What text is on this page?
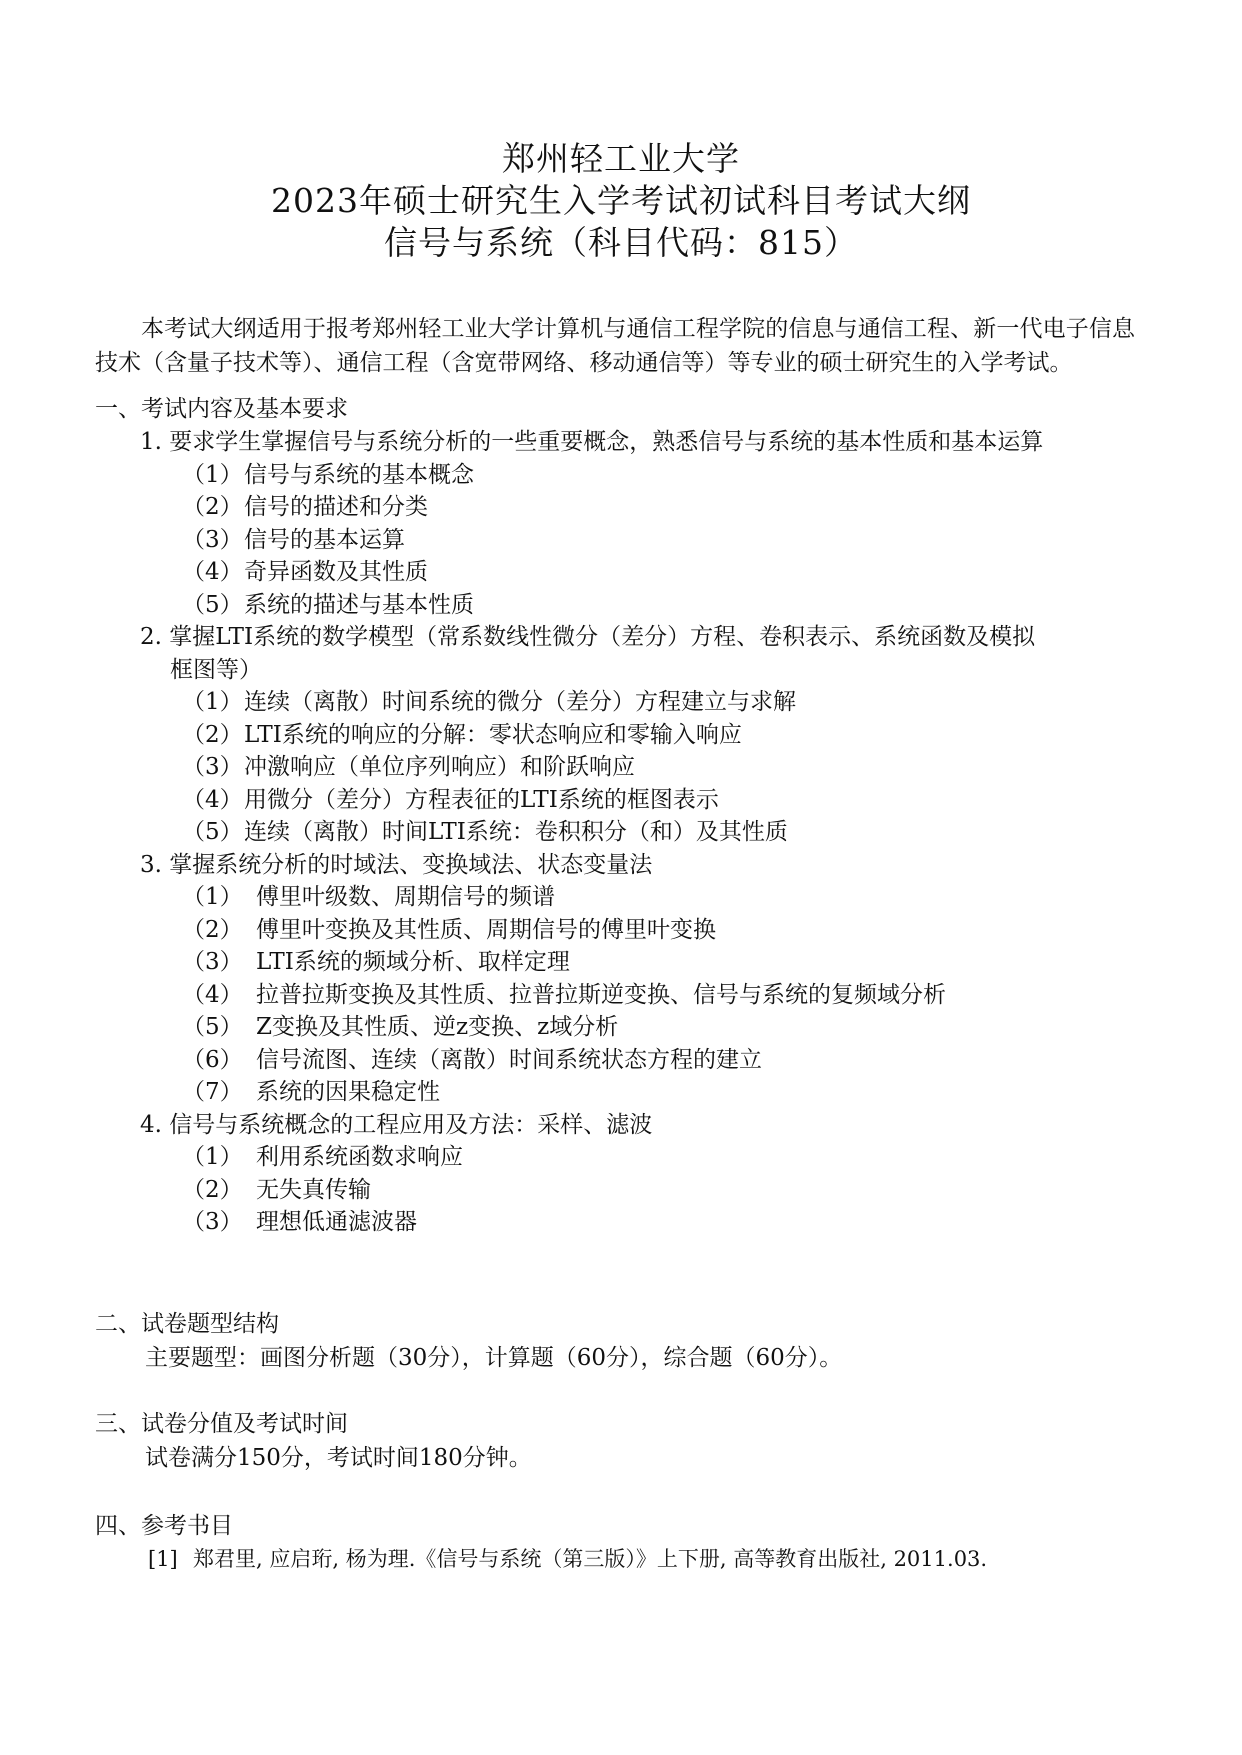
郑州轻工业大学
2023年硕士研究生入学考试初试科目考试大纲
信号与系统（科目代码：815）
本考试大纲适用于报考郑州轻工业大学计算机与通信工程学院的信息与通信工程、新一代电子信息技术（含量子技术等）、通信工程（含宽带网络、移动通信等）等专业的硕士研究生的入学考试。
一、考试内容及基本要求
1. 要求学生掌握信号与系统分析的一些重要概念，熟悉信号与系统的基本性质和基本运算
（1）信号与系统的基本概念
（2）信号的描述和分类
（3）信号的基本运算
（4）奇异函数及其性质
（5）系统的描述与基本性质
2. 掌握LTI系统的数学模型（常系数线性微分（差分）方程、卷积表示、系统函数及模拟
框图等）
（1）连续（离散）时间系统的微分（差分）方程建立与求解
（2）LTI系统的响应的分解：零状态响应和零输入响应
（3）冲激响应（单位序列响应）和阶跃响应
（4）用微分（差分）方程表征的LTI系统的框图表示
（5）连续（离散）时间LTI系统：卷积积分（和）及其性质
3. 掌握系统分析的时域法、变换域法、状态变量法
（1） 傅里叶级数、周期信号的频谱
（2） 傅里叶变换及其性质、周期信号的傅里叶变换
（3） LTI系统的频域分析、取样定理
（4） 拉普拉斯变换及其性质、拉普拉斯逆变换、信号与系统的复频域分析
（5） Z变换及其性质、逆z变换、z域分析
（6） 信号流图、连续（离散）时间系统状态方程的建立
（7） 系统的因果稳定性
4. 信号与系统概念的工程应用及方法：采样、滤波
（1） 利用系统函数求响应
（2） 无失真传输
（3） 理想低通滤波器
二、试卷题型结构
主要题型：画图分析题（30分），计算题（60分），综合题（60分）。
三、试卷分值及考试时间
试卷满分150分，考试时间180分钟。
四、参考书目
[1] 郑君里, 应启珩, 杨为理.《信号与系统（第三版）》上下册, 高等教育出版社, 2011.03.
